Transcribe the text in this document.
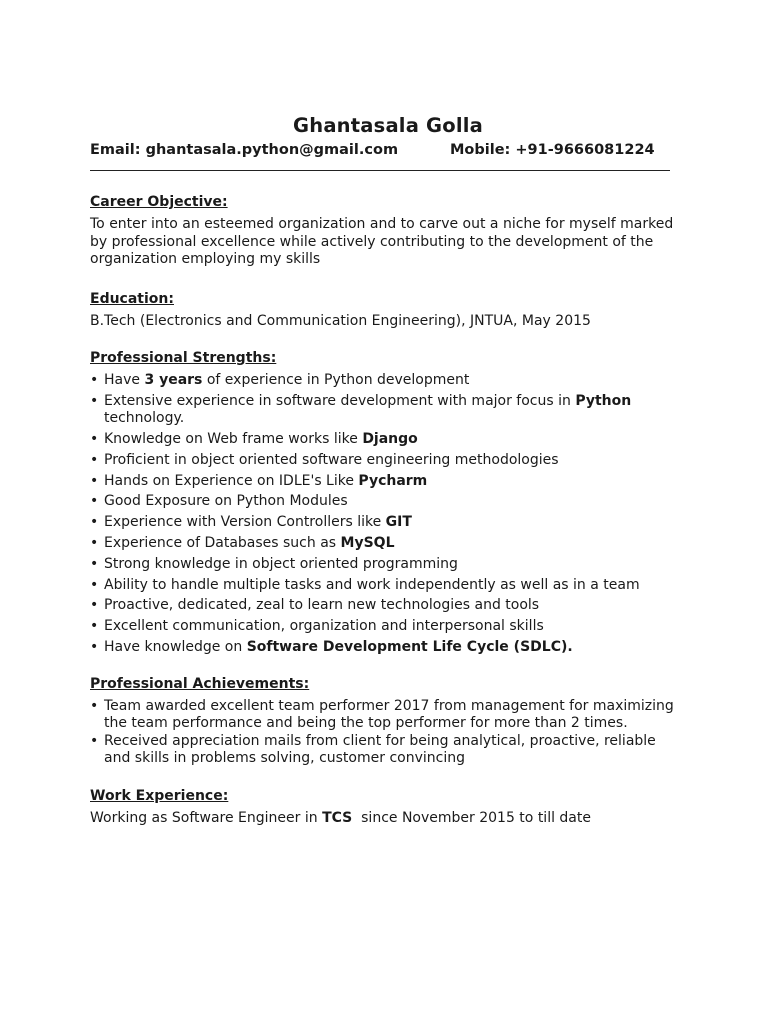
Ghantasala Golla
Email: ghantasala.python@gmail.com	Mobile: +91-9666081224
Career Objective:
To enter into an esteemed organization and to carve out a niche for myself marked by professional excellence while actively contributing to the development of the organization employing my skills
Education:
B.Tech (Electronics and Communication Engineering), JNTUA, May 2015
Professional Strengths:
• Have 3 years of experience in Python development
• Extensive experience in software development with major focus in Python technology.
• Knowledge on Web frame works like Django
• Proficient in object oriented software engineering methodologies
• Hands on Experience on IDLE's Like Pycharm
• Good Exposure on Python Modules
• Experience with Version Controllers like GIT
• Experience of Databases such as MySQL
• Strong knowledge in object oriented programming
• Ability to handle multiple tasks and work independently as well as in a team
• Proactive, dedicated, zeal to learn new technologies and tools
• Excellent communication, organization and interpersonal skills
• Have knowledge on Software Development Life Cycle (SDLC).
Professional Achievements:
• Team awarded excellent team performer 2017 from management for maximizing the team performance and being the top performer for more than 2 times.
• Received appreciation mails from client for being analytical, proactive, reliable and skills in problems solving, customer convincing
Work Experience:
Working as Software Engineer in TCS  since November 2015 to till date
